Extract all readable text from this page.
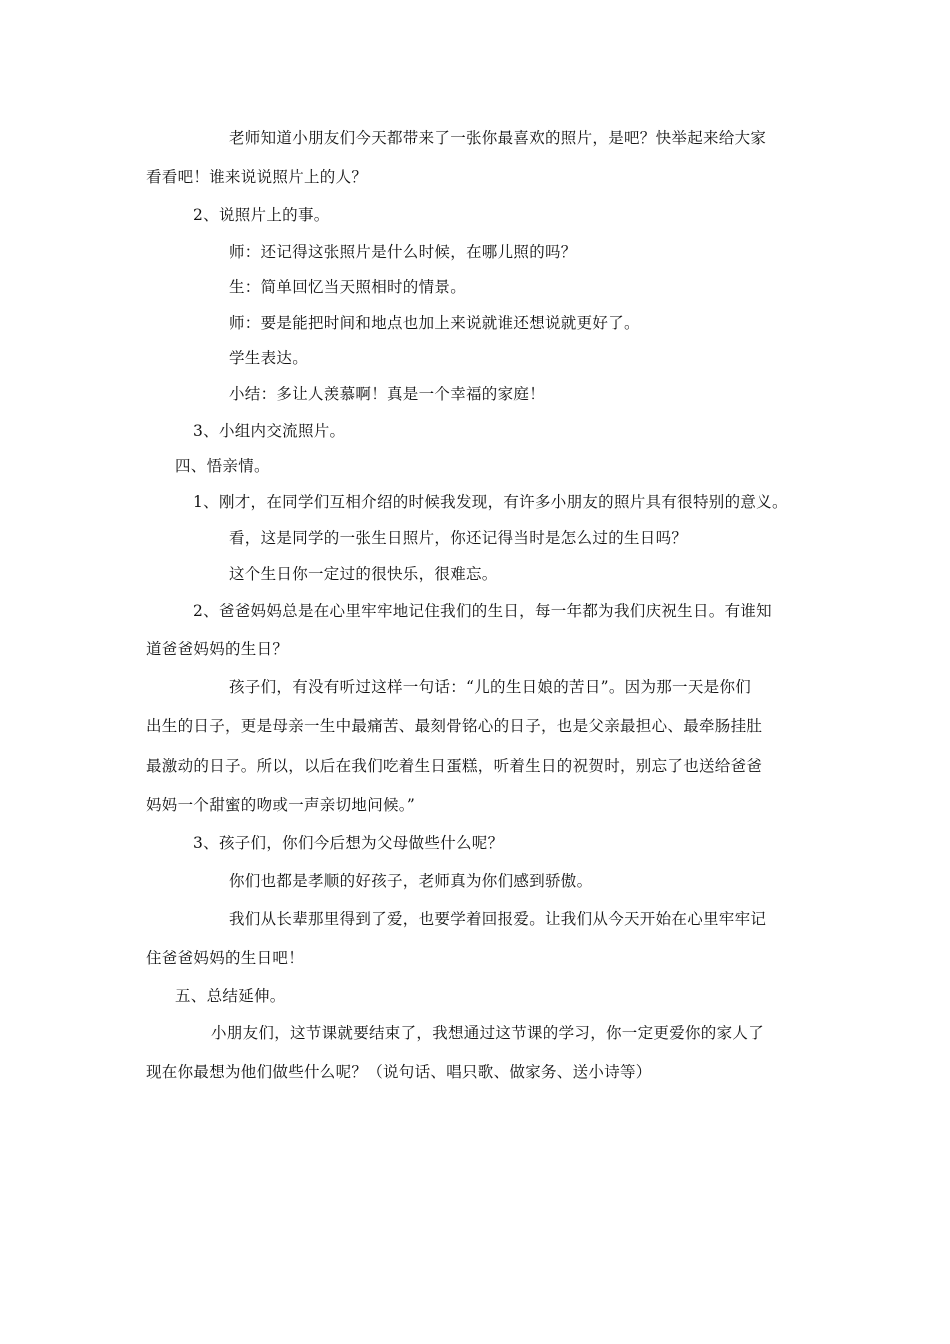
老师知道小朋友们今天都带来了一张你最喜欢的照片，是吧？快举起来给大家
看看吧！谁来说说照片上的人？
2、说照片上的事。
师：还记得这张照片是什么时候，在哪儿照的吗？
生：简单回忆当天照相时的情景。
师：要是能把时间和地点也加上来说就谁还想说就更好了。
学生表达。
小结：多让人羡慕啊！真是一个幸福的家庭！
3、小组内交流照片。
四、悟亲情。
1、刚才，在同学们互相介绍的时候我发现，有许多小朋友的照片具有很特别的意义。
看，这是同学的一张生日照片，你还记得当时是怎么过的生日吗？
这个生日你一定过的很快乐，很难忘。
2、爸爸妈妈总是在心里牢牢地记住我们的生日，每一年都为我们庆祝生日。有谁知
道爸爸妈妈的生日？
孩子们，有没有听过这样一句话：“儿的生日娘的苦日”。因为那一天是你们
出生的日子，更是母亲一生中最痛苦、最刻骨铭心的日子，也是父亲最担心、最牵肠挂肚
最激动的日子。所以，以后在我们吃着生日蛋糕，听着生日的祝贺时，别忘了也送给爸爸
妈妈一个甜蜜的吻或一声亲切地问候。”
3、孩子们，你们今后想为父母做些什么呢？
你们也都是孝顺的好孩子，老师真为你们感到骄傲。
我们从长辈那里得到了爱，也要学着回报爱。让我们从今天开始在心里牢牢记
住爸爸妈妈的生日吧！
五、总结延伸。
小朋友们，这节课就要结束了，我想通过这节课的学习，你一定更爱你的家人了
现在你最想为他们做些什么呢？（说句话、唱只歌、做家务、送小诗等）
